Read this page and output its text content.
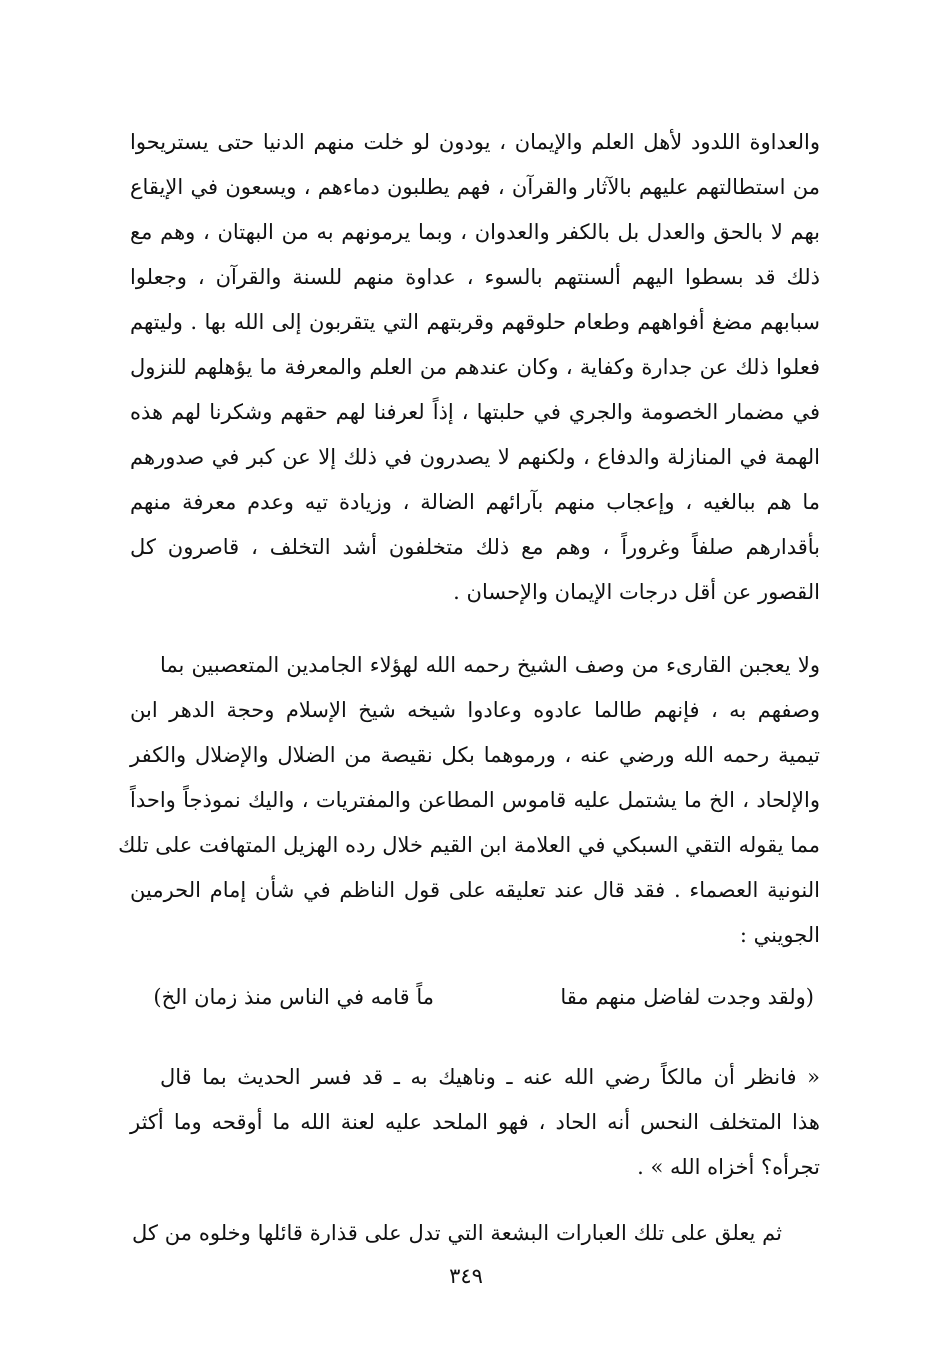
والعداوة اللدود لأهل العلم والإيمان ، يودون لو خلت منهم الدنيا حتى يستريحوا
من استطالتهم عليهم بالآثار والقرآن ، فهم يطلبون دماءهم ، ويسعون في الإيقاع
بهم لا بالحق والعدل بل بالكفر والعدوان ، وبما يرمونهم به من البهتان ، وهم مع
ذلك قد بسطوا اليهم ألسنتهم بالسوء ، عداوة منهم للسنة والقرآن ، وجعلوا
سبابهم مضغ أفواههم وطعام حلوقهم وقربتهم التي يتقربون إلى الله بها . وليتهم
فعلوا ذلك عن جدارة وكفاية ، وكان عندهم من العلم والمعرفة ما يؤهلهم للنزول
في مضمار الخصومة والجري في حلبتها ، إذاً لعرفنا لهم حقهم وشكرنا لهم هذه
الهمة في المنازلة والدفاع ، ولكنهم لا يصدرون في ذلك إلا عن كبر في صدورهم
ما هم ببالغيه ، وإعجاب منهم بآرائهم الضالة ، وزيادة تيه وعدم معرفة منهم
بأقدارهم صلفاً وغروراً ، وهم مع ذلك متخلفون أشد التخلف ، قاصرون كل
القصور عن أقل درجات الإيمان والإحسان .
ولا يعجبن القارىء من وصف الشيخ رحمه الله لهؤلاء الجامدين المتعصبين بما
وصفهم به ، فإنهم طالما عادوه وعادوا شيخه شيخ الإسلام وحجة الدهر ابن
تيمية رحمه الله ورضي عنه ، ورموهما بكل نقيصة من الضلال والإضلال والكفر
والإلحاد ، الخ ما يشتمل عليه قاموس المطاعن والمفتريات ، واليك نموذجاً واحداً
مما يقوله التقي السبكي في العلامة ابن القيم خلال رده الهزيل المتهافت على تلك
النونية العصماء . فقد قال عند تعليقه على قول الناظم في شأن إمام الحرمين
الجويني :
(ولقد وجدت لفاضل منهم مقا
ماً قامه في الناس منذ زمان الخ)
« فانظر أن مالكاً رضي الله عنه ـ وناهيك به ـ قد فسر الحديث بما قال
هذا المتخلف النحس أنه الحاد ، فهو الملحد عليه لعنة الله ما أوقحه وما أكثر
تجرأه؟ أخزاه الله » .
ثم يعلق على تلك العبارات البشعة التي تدل على قذارة قائلها وخلوه من كل
٣٤٩
